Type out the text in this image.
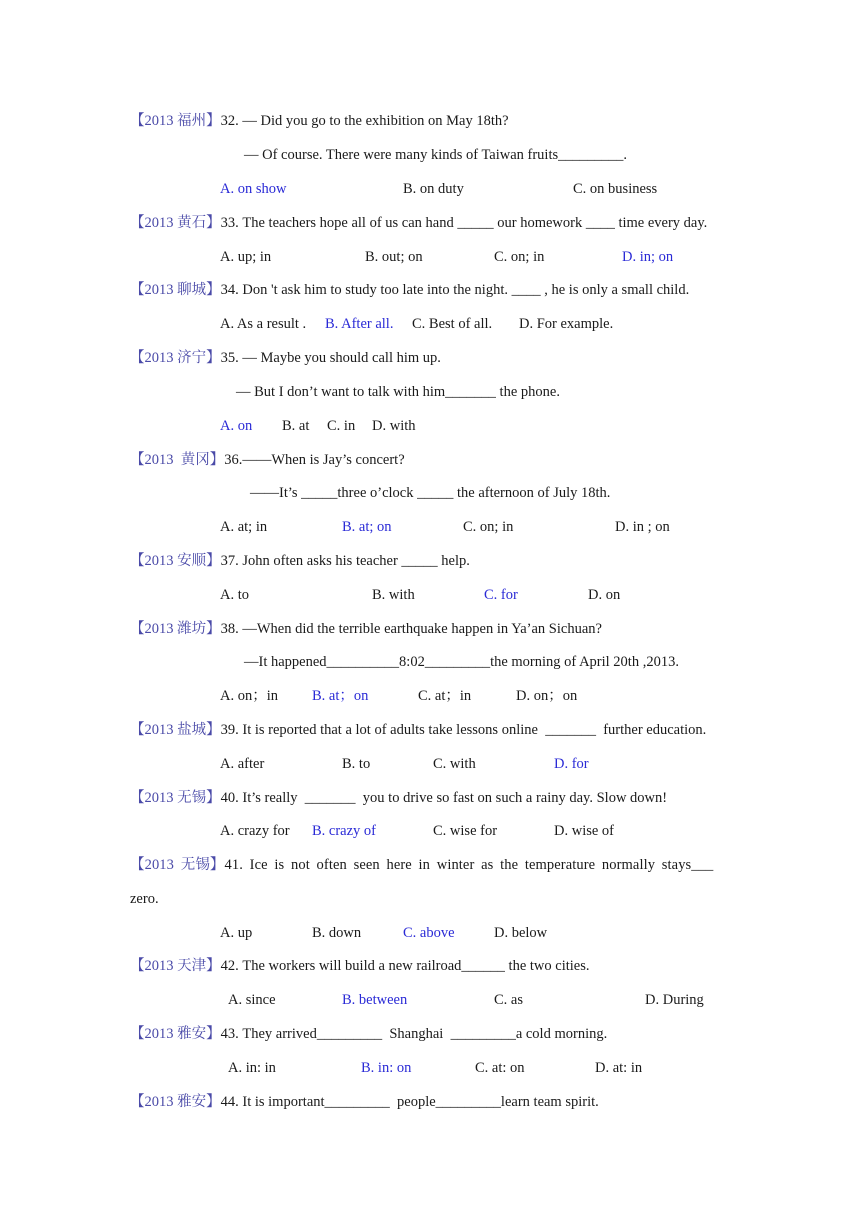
【2013 福州】32. — Did you go to the exhibition on May 18th?
— Of course. There were many kinds of Taiwan fruits_________.
A. on show	B. on duty	C. on business
【2013 黄石】33. The teachers hope all of us can hand _____ our homework ____ time every day.
A. up; in	B. out; on	C. on; in	D. in; on
【2013 聊城】34. Don 't ask him to study too late into the night. ____ , he is only a small child.
A. As a result . B. After all. C. Best of all. D. For example.
【2013 济宁】35. — Maybe you should call him up.
— But I don’t want to talk with him_______ the phone.
A. on B. at C. in D. with
【2013  黄冈】36.——When is Jay’s concert?
——It’s _____three o’clock _____ the afternoon of July 18th.
A. at; in	B. at; on	C. on; in	D. in ; on
【2013 安顺】37. John often asks his teacher _____ help.
A. to	B. with	C. for	D. on
【2013 潍坊】38. —When did the terrible earthquake happen in Ya’an Sichuan?
—It happened__________8:02_________the morning of April 20th ,2013.
A. on；in B. at；on	C. at；in	D. on；on
【2013 盐城】39. It is reported that a lot of adults take lessons online  _______  further education.
A. after	B. to	C. with	D. for
【2013 无锡】40. It’s really  _______  you to drive so fast on such a rainy day. Slow down!
A. crazy for B. crazy of	C. wise for	D. wise of
【2013 无锡】41. Ice is not often seen here in winter as the temperature normally stays___
zero.
A. up	B. down	C. above	D. below
【2013 天津】42. The workers will build a new railroad______ the two cities.
A. since	B. between	C. as	D. During
【2013 雅安】43. They arrived_________  Shanghai  _________a cold morning.
A. in: in	B. in: on	C. at: on	D. at: in
【2013 雅安】44. It is important_________  people_________learn team spirit.
